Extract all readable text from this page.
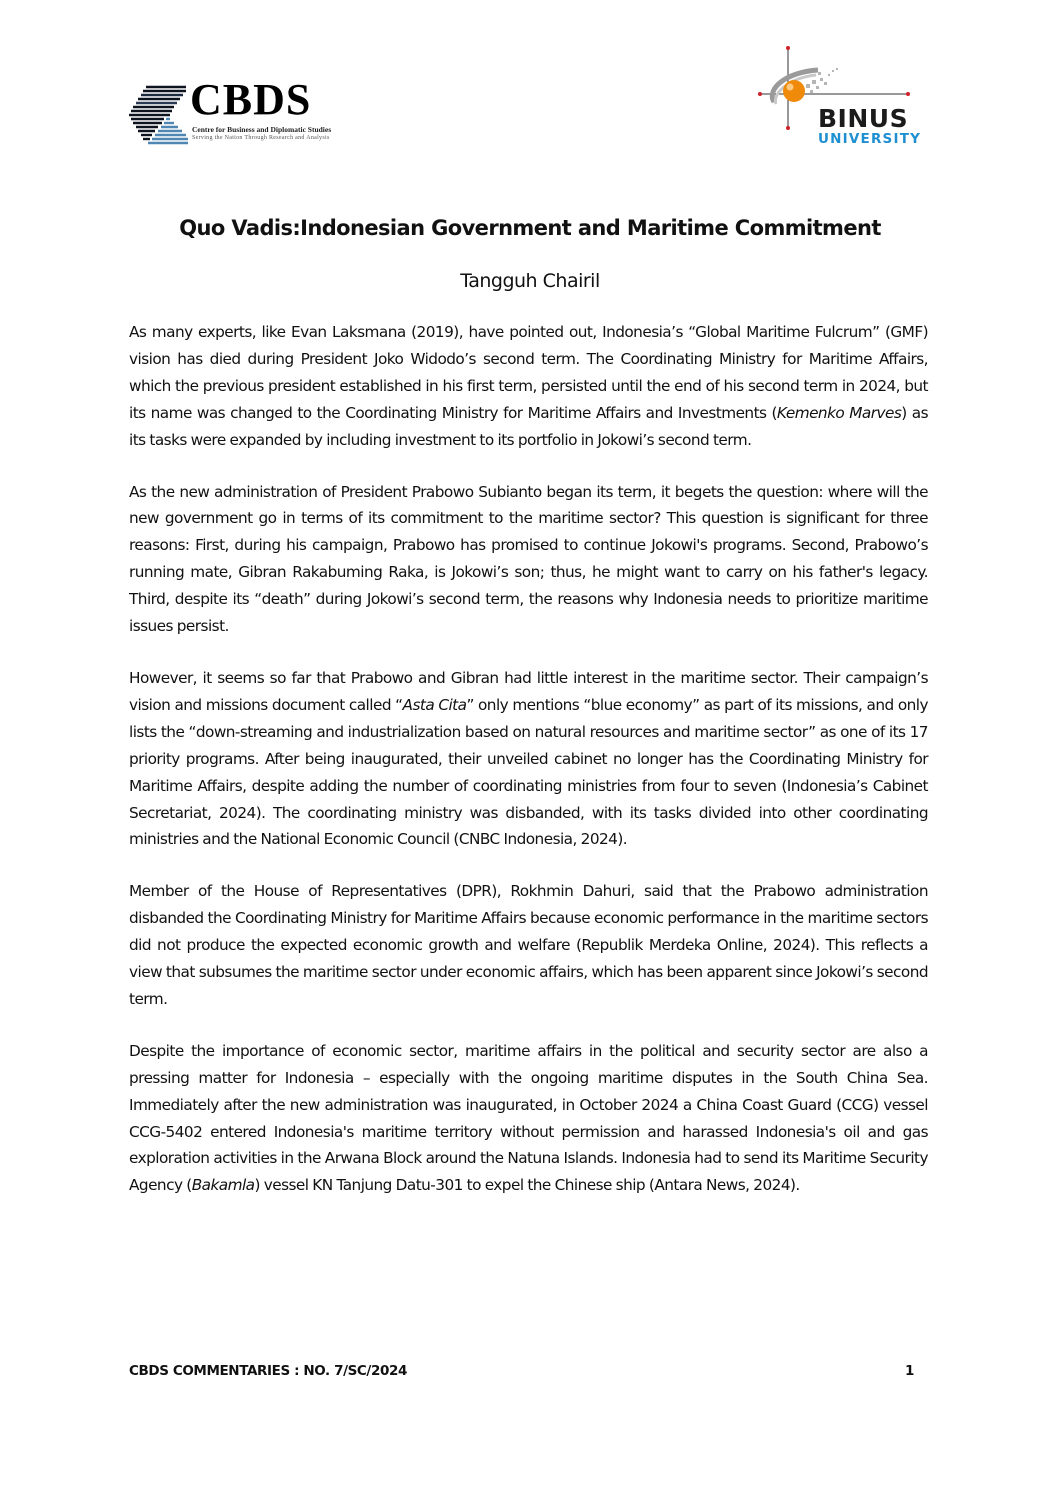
CBDS
Centre for Business and Diplomatic Studies
Serving the Nation Through Research and Analysis
BINUS
UNIVERSITY
Quo Vadis:Indonesian Government and Maritime Commitment
Tangguh Chairil

As many experts, like Evan Laksmana (2019), have pointed out, Indonesia’s “Global Maritime Fulcrum” (GMF) vision has died during President Joko Widodo’s second term. The Coordinating Ministry for Maritime Affairs, which the previous president established in his first term, persisted until the end of his second term in 2024, but its name was changed to the Coordinating Ministry for Maritime Affairs and Investments (Kemenko Marves) as its tasks were expanded by including investment to its portfolio in Jokowi’s second term.

As the new administration of President Prabowo Subianto began its term, it begets the question: where will the new government go in terms of its commitment to the maritime sector? This question is significant for three reasons: First, during his campaign, Prabowo has promised to continue Jokowi's programs. Second, Prabowo’s running mate, Gibran Rakabuming Raka, is Jokowi’s son; thus, he might want to carry on his father's legacy. Third, despite its “death” during Jokowi’s second term, the reasons why Indonesia needs to prioritize maritime issues persist.

However, it seems so far that Prabowo and Gibran had little interest in the maritime sector. Their campaign’s vision and missions document called “Asta Cita” only mentions “blue economy” as part of its missions, and only lists the “down-streaming and industrialization based on natural resources and maritime sector” as one of its 17 priority programs. After being inaugurated, their unveiled cabinet no longer has the Coordinating Ministry for Maritime Affairs, despite adding the number of coordinating ministries from four to seven (Indonesia’s Cabinet Secretariat, 2024). The coordinating ministry was disbanded, with its tasks divided into other coordinating ministries and the National Economic Council (CNBC Indonesia, 2024).

Member of the House of Representatives (DPR), Rokhmin Dahuri, said that the Prabowo administration disbanded the Coordinating Ministry for Maritime Affairs because economic performance in the maritime sectors did not produce the expected economic growth and welfare (Republik Merdeka Online, 2024). This reflects a view that subsumes the maritime sector under economic affairs, which has been apparent since Jokowi’s second term.

Despite the importance of economic sector, maritime affairs in the political and security sector are also a pressing matter for Indonesia – especially with the ongoing maritime disputes in the South China Sea. Immediately after the new administration was inaugurated, in October 2024 a China Coast Guard (CCG) vessel CCG-5402 entered Indonesia's maritime territory without permission and harassed Indonesia's oil and gas exploration activities in the Arwana Block around the Natuna Islands. Indonesia had to send its Maritime Security Agency (Bakamla) vessel KN Tanjung Datu-301 to expel the Chinese ship (Antara News, 2024).

CBDS COMMENTARIES : NO. 7/SC/2024	1
